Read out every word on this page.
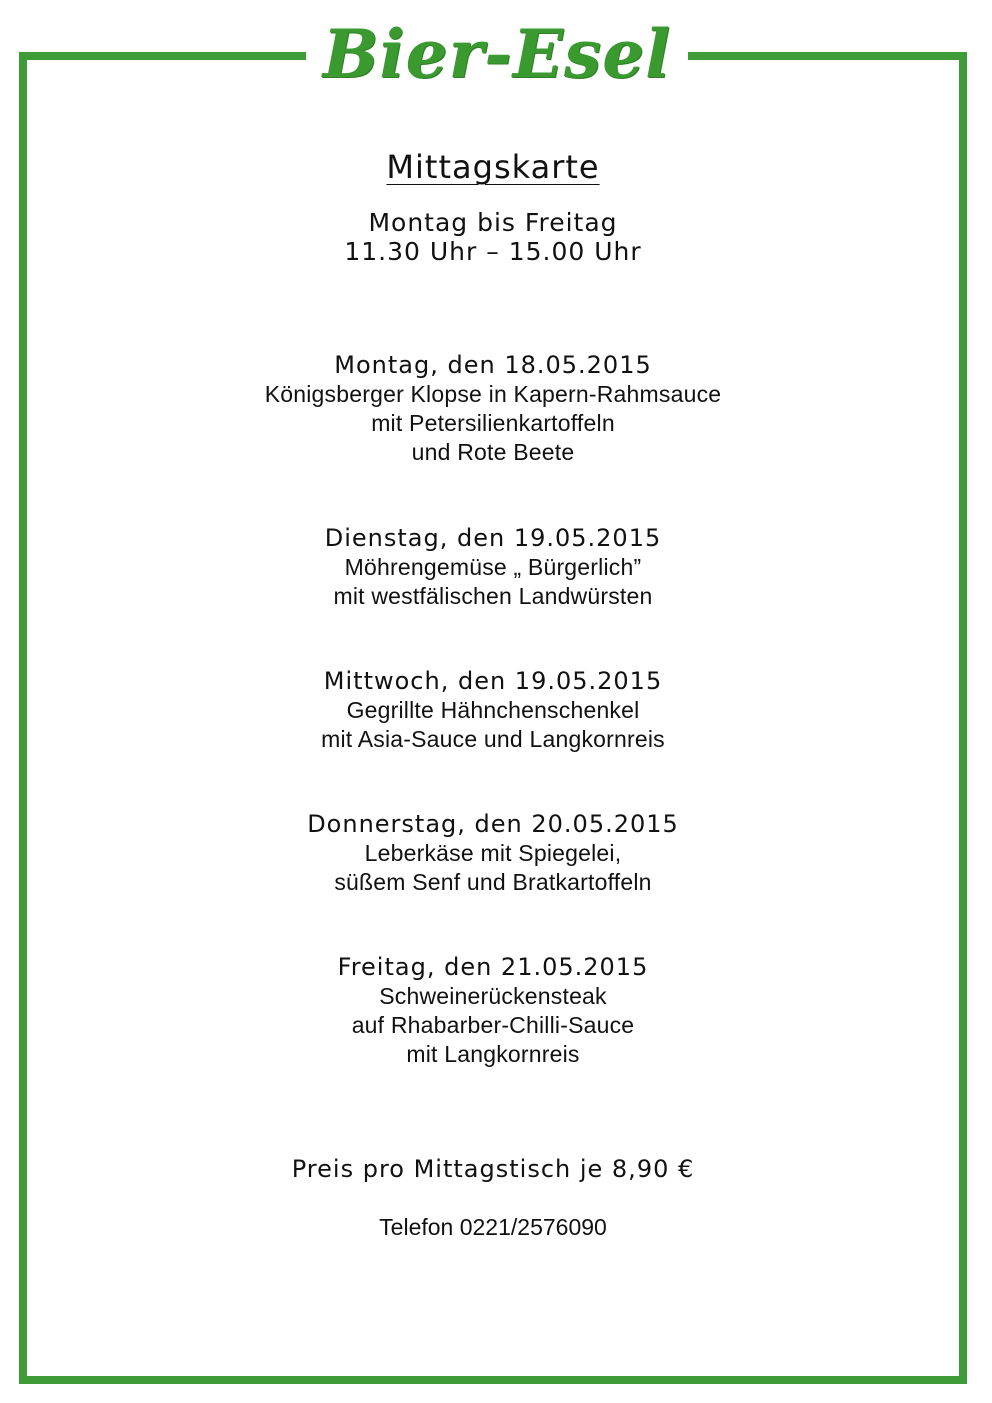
Bier-Esel
Mittagskarte
Montag bis Freitag
11.30 Uhr – 15.00 Uhr
Montag, den 18.05.2015
Königsberger Klopse in Kapern-Rahmsauce
mit Petersilienkartoffeln
und Rote Beete
Dienstag, den 19.05.2015
Möhrengemüse „ Bürgerlich”
mit westfälischen Landwürsten
Mittwoch, den 19.05.2015
Gegrillte Hähnchenschenkel
mit Asia-Sauce und Langkornreis
Donnerstag, den 20.05.2015
Leberkäse mit Spiegelei,
süßem Senf und Bratkartoffeln
Freitag, den 21.05.2015
Schweinerückensteak
auf Rhabarber-Chilli-Sauce
mit Langkornreis
Preis pro Mittagstisch je 8,90 €
Telefon 0221/2576090
